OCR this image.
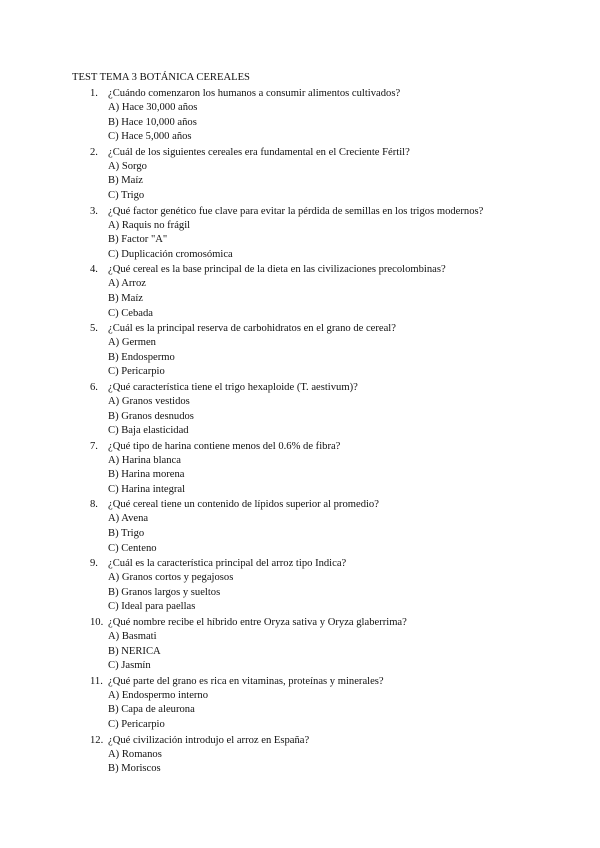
TEST TEMA 3 BOTÁNICA CEREALES
1. ¿Cuándo comenzaron los humanos a consumir alimentos cultivados?
A) Hace 30,000 años
B) Hace 10,000 años
C) Hace 5,000 años
2. ¿Cuál de los siguientes cereales era fundamental en el Creciente Fértil?
A) Sorgo
B) Maíz
C) Trigo
3. ¿Qué factor genético fue clave para evitar la pérdida de semillas en los trigos modernos?
A) Raquis no frágil
B) Factor "A"
C) Duplicación cromosómica
4. ¿Qué cereal es la base principal de la dieta en las civilizaciones precolombinas?
A) Arroz
B) Maíz
C) Cebada
5. ¿Cuál es la principal reserva de carbohidratos en el grano de cereal?
A) Germen
B) Endospermo
C) Pericarpio
6. ¿Qué característica tiene el trigo hexaploide (T. aestivum)?
A) Granos vestidos
B) Granos desnudos
C) Baja elasticidad
7. ¿Qué tipo de harina contiene menos del 0.6% de fibra?
A) Harina blanca
B) Harina morena
C) Harina integral
8. ¿Qué cereal tiene un contenido de lípidos superior al promedio?
A) Avena
B) Trigo
C) Centeno
9. ¿Cuál es la característica principal del arroz tipo Indica?
A) Granos cortos y pegajosos
B) Granos largos y sueltos
C) Ideal para paellas
10. ¿Qué nombre recibe el híbrido entre Oryza sativa y Oryza glaberrima?
A) Basmati
B) NERICA
C) Jasmín
11. ¿Qué parte del grano es rica en vitaminas, proteínas y minerales?
A) Endospermo interno
B) Capa de aleurona
C) Pericarpio
12. ¿Qué civilización introdujo el arroz en España?
A) Romanos
B) Moriscos
